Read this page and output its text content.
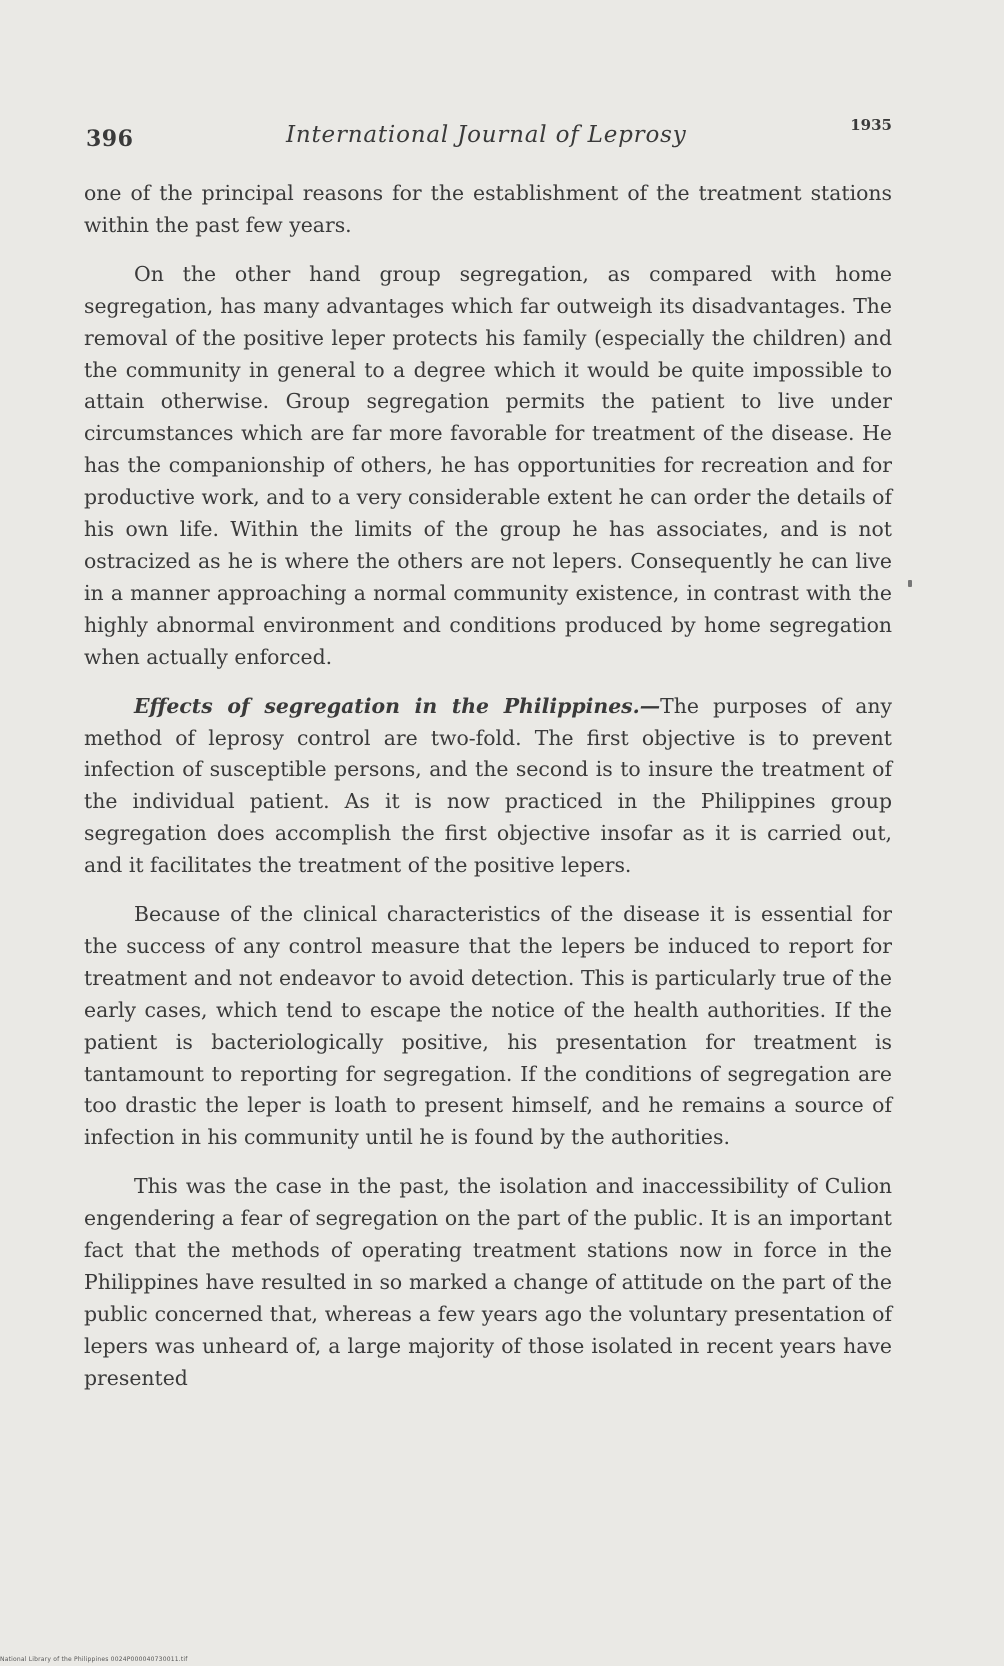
396	International Journal of Leprosy	1935

one of the principal reasons for the establishment of the treatment stations within the past few years.

On the other hand group segregation, as compared with home segregation, has many advantages which far outweigh its disadvantages. The removal of the positive leper protects his family (especially the children) and the community in general to a degree which it would be quite impossible to attain otherwise. Group segregation permits the patient to live under circumstances which are far more favorable for treatment of the disease. He has the companionship of others, he has opportunities for recreation and for productive work, and to a very considerable extent he can order the details of his own life. Within the limits of the group he has associates, and is not ostracized as he is where the others are not lepers. Consequently he can live in a manner approaching a normal community existence, in contrast with the highly abnormal environment and conditions produced by home segregation when actually enforced.

Effects of segregation in the Philippines.—The purposes of any method of leprosy control are two-fold. The first objective is to prevent infection of susceptible persons, and the second is to insure the treatment of the individual patient. As it is now practiced in the Philippines group segregation does accomplish the first objective insofar as it is carried out, and it facilitates the treatment of the positive lepers.

Because of the clinical characteristics of the disease it is essential for the success of any control measure that the lepers be induced to report for treatment and not endeavor to avoid detection. This is particularly true of the early cases, which tend to escape the notice of the health authorities. If the patient is bacteriologically positive, his presentation for treatment is tantamount to reporting for segregation. If the conditions of segregation are too drastic the leper is loath to present himself, and he remains a source of infection in his community until he is found by the authorities.

This was the case in the past, the isolation and inaccessibility of Culion engendering a fear of segregation on the part of the public. It is an important fact that the methods of operating treatment stations now in force in the Philippines have resulted in so marked a change of attitude on the part of the public concerned that, whereas a few years ago the voluntary presentation of lepers was unheard of, a large majority of those isolated in recent years have presented

National Library of the Philippines 0024P000040730011.tif
